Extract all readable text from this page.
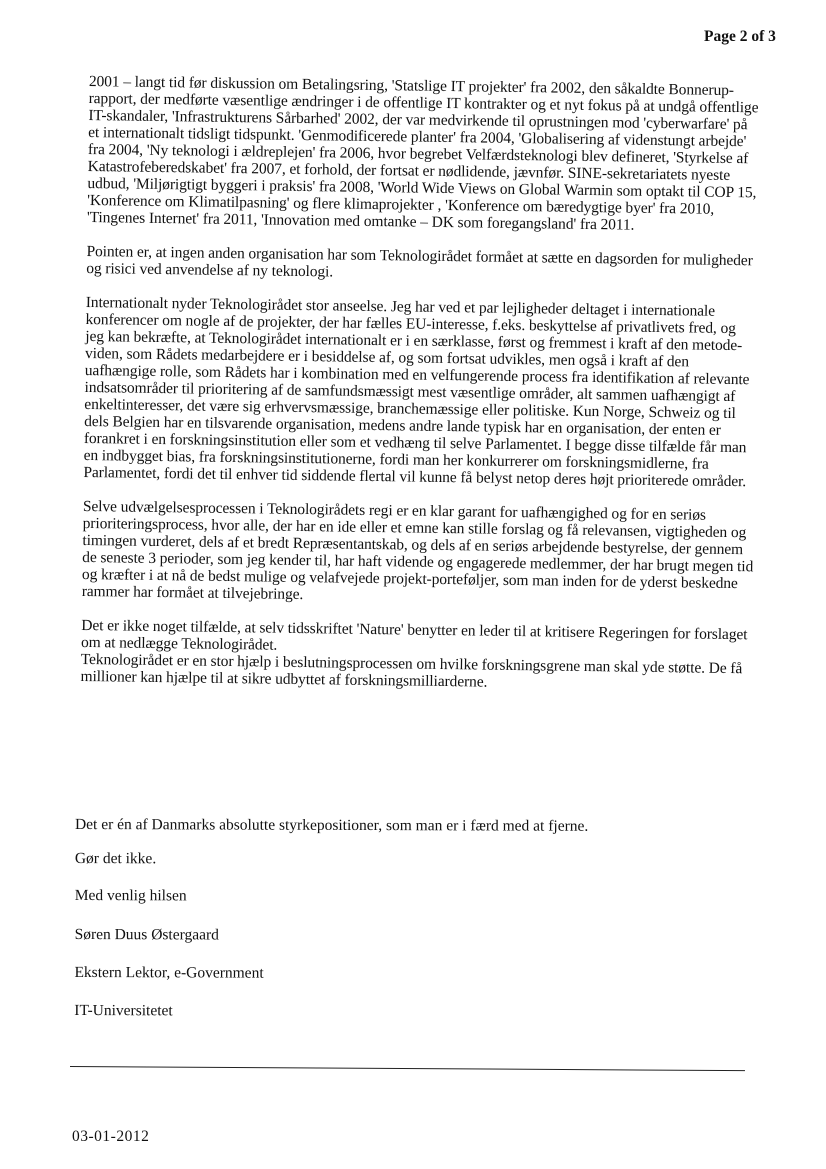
Page 2 of 3

2001 – langt tid før diskussion om Betalingsring, 'Statslige IT projekter' fra 2002, den såkaldte Bonnerup-rapport, der medførte væsentlige ændringer i de offentlige IT kontrakter og et nyt fokus på at undgå offentlige IT-skandaler, 'Infrastrukturens Sårbarhed' 2002, der var medvirkende til oprustningen mod 'cyberwarfare' på et internationalt tidsligt tidspunkt. 'Genmodificerede planter' fra 2004, 'Globalisering af videnstungt arbejde' fra 2004, 'Ny teknologi i ældreplejen' fra 2006, hvor begrebet Velfærdsteknologi blev defineret, 'Styrkelse af Katastrofeberedskabet' fra 2007, et forhold, der fortsat er nødlidende, jævnfør. SINE-sekretariatets nyeste udbud, 'Miljørigtigt byggeri i praksis' fra 2008, 'World Wide Views on Global Warmin som optakt til COP 15, 'Konference om Klimatilpasning' og flere klimaprojekter , 'Konference om bæredygtige byer' fra 2010, 'Tingenes Internet' fra 2011, 'Innovation med omtanke – DK som foregangsland' fra 2011.

Pointen er, at ingen anden organisation har som Teknologirådet formået at sætte en dagsorden for muligheder og risici ved anvendelse af ny teknologi.

Internationalt nyder Teknologirådet stor anseelse. Jeg har ved et par lejligheder deltaget i internationale konferencer om nogle af de projekter, der har fælles EU-interesse, f.eks. beskyttelse af privatlivets fred, og jeg kan bekræfte, at Teknologirådet internationalt er i en særklasse, først og fremmest i kraft af den metode-viden, som Rådets medarbejdere er i besiddelse af, og som fortsat udvikles, men også i kraft af den uafhængige rolle, som Rådets har i kombination med en velfungerende process fra identifikation af relevante indsatsområder til prioritering af de samfundsmæssigt mest væsentlige områder, alt sammen uafhængigt af enkeltinteresser, det være sig erhvervsmæssige, branchemæssige eller politiske. Kun Norge, Schweiz og til dels Belgien har en tilsvarende organisation, medens andre lande typisk har en organisation, der enten er forankret i en forskningsinstitution eller som et vedhæng til selve Parlamentet. I begge disse tilfælde får man en indbygget bias, fra forskningsinstitutionerne, fordi man her konkurrerer om forskningsmidlerne, fra Parlamentet, fordi det til enhver tid siddende flertal vil kunne få belyst netop deres højt prioriterede områder.

Selve udvælgelsesprocessen i Teknologirådets regi er en klar garant for uafhængighed og for en seriøs prioriteringsprocess, hvor alle, der har en ide eller et emne kan stille forslag og få relevansen, vigtigheden og timingen vurderet, dels af et bredt Repræsentantskab, og dels af en seriøs arbejdende bestyrelse, der gennem de seneste 3 perioder, som jeg kender til, har haft vidende og engagerede medlemmer, der har brugt megen tid og kræfter i at nå de bedst mulige og velafvejede projekt-porteføljer, som man inden for de yderst beskedne rammer har formået at tilvejebringe.

Det er ikke noget tilfælde, at selv tidsskriftet 'Nature' benytter en leder til at kritisere Regeringen for forslaget om at nedlægge Teknologirådet.

Teknologirådet er en stor hjælp i beslutningsprocessen om hvilke forskningsgrene man skal yde støtte. De få millioner kan hjælpe til at sikre udbyttet af forskningsmilliarderne.

Det er én af Danmarks absolutte styrkepositioner, som man er i færd med at fjerne.

Gør det ikke.

Med venlig hilsen

Søren Duus Østergaard

Ekstern Lektor, e-Government

IT-Universitetet

03-01-2012
